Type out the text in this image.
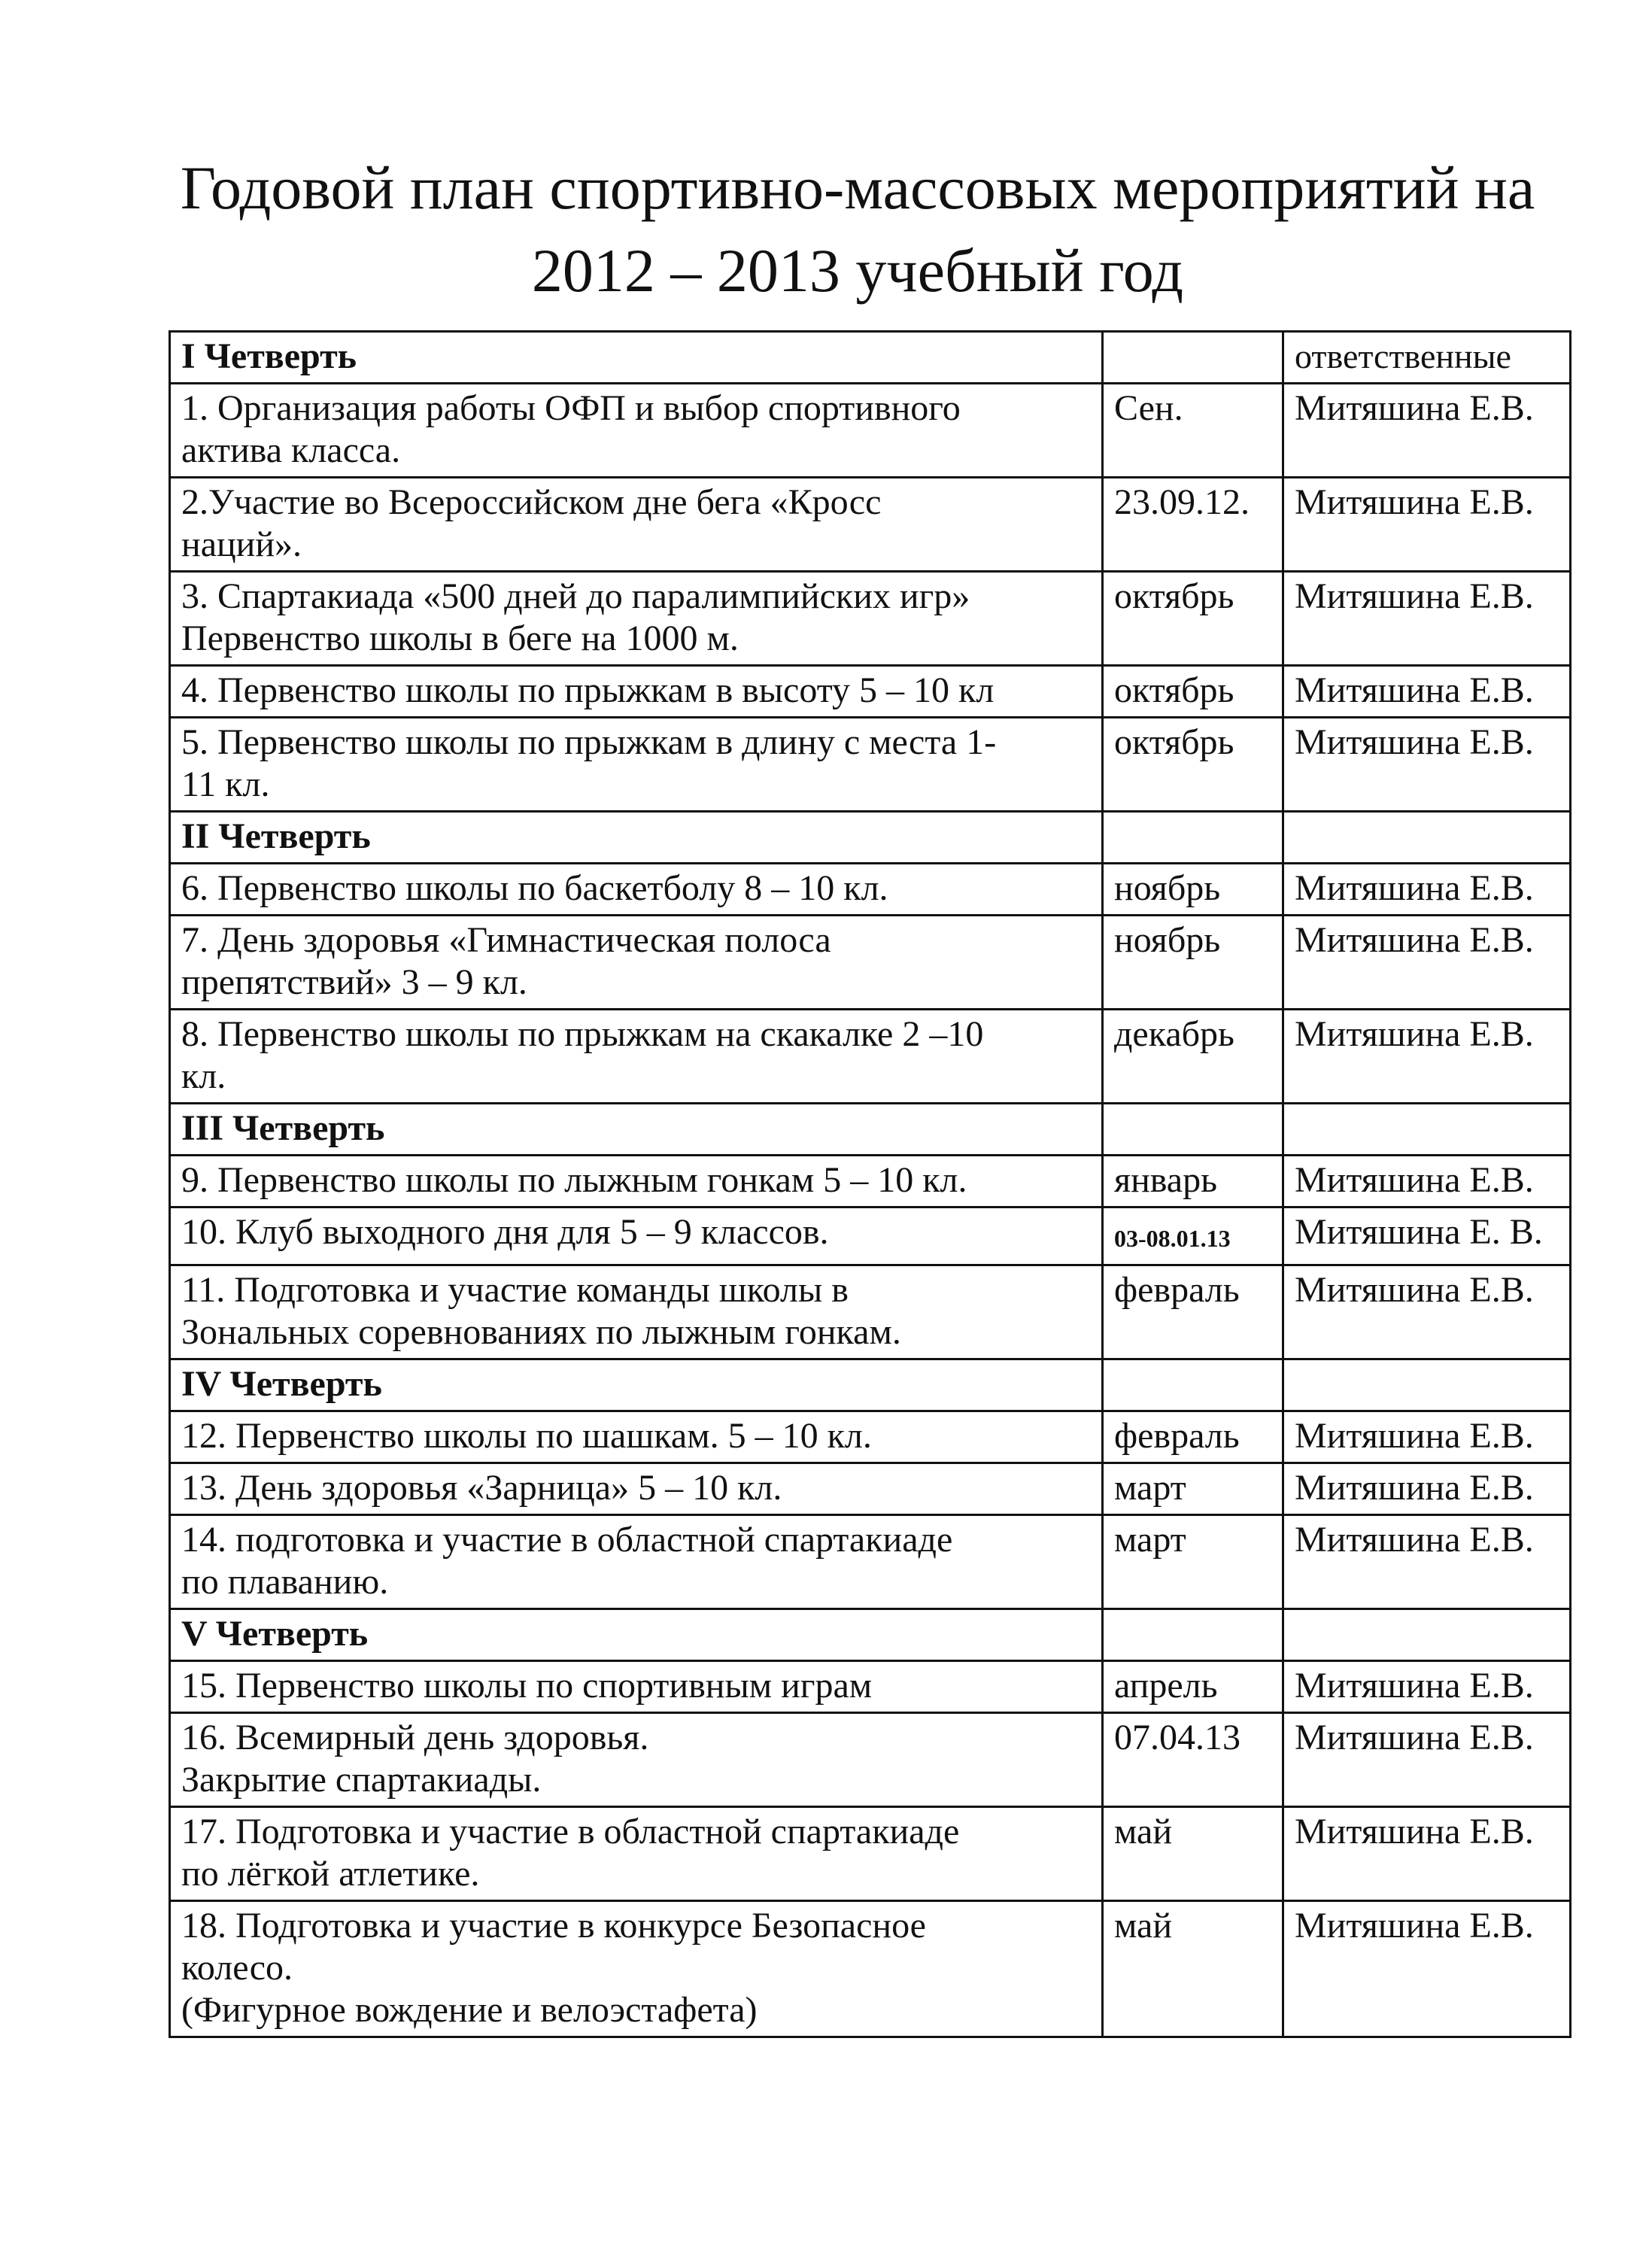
Годовой план спортивно-массовых мероприятий на
2012 – 2013 учебный год
I Четверть		ответственные

1. Организация работы ОФП и выбор спортивного
актива класса.	Сен.	Митяшина Е.В.

2.Участие во Всероссийском дне бега «Кросс
наций».	23.09.12.	Митяшина Е.В.

3. Спартакиада «500 дней до паралимпийских игр»
Первенство школы в беге на 1000 м.	октябрь	Митяшина Е.В.

4. Первенство школы по прыжкам в высоту 5 – 10 кл	октябрь	Митяшина Е.В.

5. Первенство школы по прыжкам в длину с места 1-
11 кл.	октябрь	Митяшина Е.В.
II Четверть		

6. Первенство школы по баскетболу 8 – 10 кл.	ноябрь	Митяшина Е.В.

7. День здоровья «Гимнастическая полоса
препятствий» 3 – 9 кл.	ноябрь	Митяшина Е.В.

8. Первенство школы по прыжкам на скакалке 2 –10
кл.	декабрь	Митяшина Е.В.
III Четверть		

9. Первенство школы по лыжным гонкам 5 – 10 кл.	январь	Митяшина Е.В.

10. Клуб выходного дня для 5 – 9 классов.	03-08.01.13	Митяшина Е. В.

11. Подготовка и участие команды школы в
Зональных соревнованиях по лыжным гонкам.	февраль	Митяшина Е.В.
IV Четверть		

12. Первенство школы по шашкам. 5 – 10 кл.	февраль	Митяшина Е.В.

13. День здоровья «Зарница» 5 – 10 кл.	март	Митяшина Е.В.

14. подготовка и участие в областной спартакиаде
по плаванию.	март	Митяшина Е.В.
V Четверть		

15. Первенство школы по спортивным играм	апрель	Митяшина Е.В.

16. Всемирный день здоровья.
Закрытие спартакиады.	07.04.13	Митяшина Е.В.

17. Подготовка и участие в областной спартакиаде
по лёгкой атлетике.	май	Митяшина Е.В.

18. Подготовка и участие в конкурсе Безопасное
колесо.
(Фигурное вождение и велоэстафета)	май	Митяшина Е.В.
